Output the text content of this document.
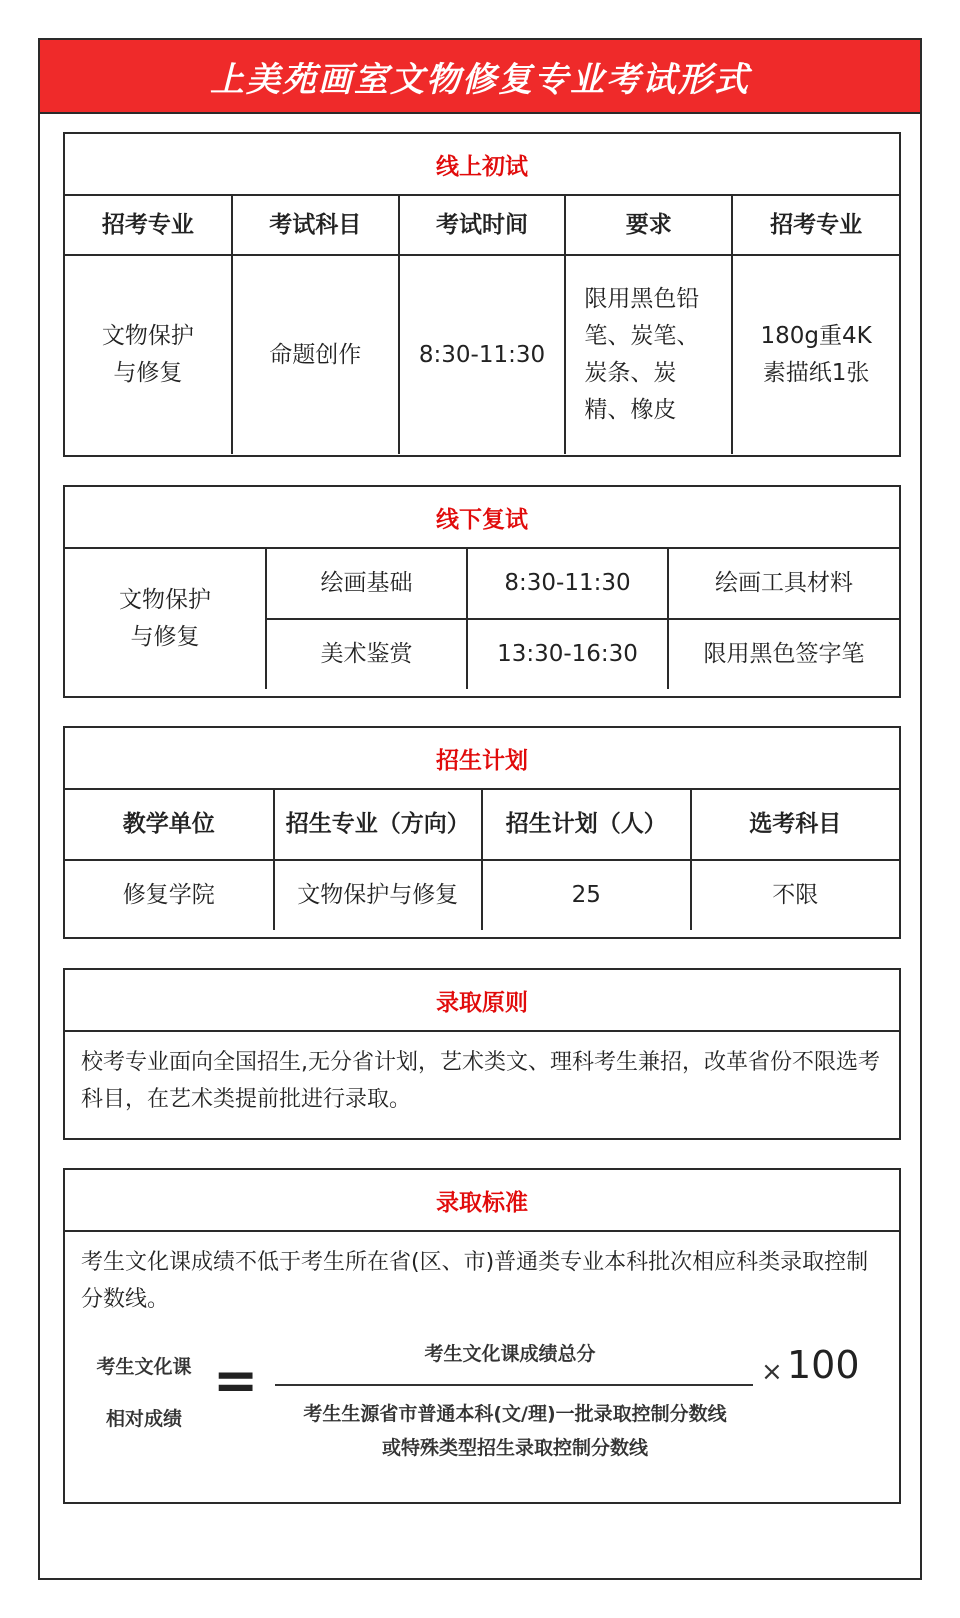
上美苑画室文物修复专业考试形式
线上初试
招考专业	考试科目	考试时间	要求	招考专业

文物保护与修复	命题创作	8:30-11:30	限用黑色铅笔、炭笔、炭条、炭精、橡皮	180g重4K素描纸1张
线下复试
文物保护与修复	绘画基础	8:30-11:30	绘画工具材料
	美术鉴赏	13:30-16:30	限用黑色签字笔
招生计划
教学单位	招生专业（方向）	招生计划（人）	选考科目
修复学院	文物保护与修复	25	不限
录取原则
校考专业面向全国招生,无分省计划，艺术类文、理科考生兼招，改革省份不限选考科目，在艺术类提前批进行录取。
录取标准
考生文化课成绩不低于考生所在省(区、市)普通类专业本科批次相应科类录取控制分数线。
考生文化课
相对成绩
=	考生文化课成绩总分
考生生源省市普通本科(文/理)一批录取控制分数线
或特殊类型招生录取控制分数线
× 100
